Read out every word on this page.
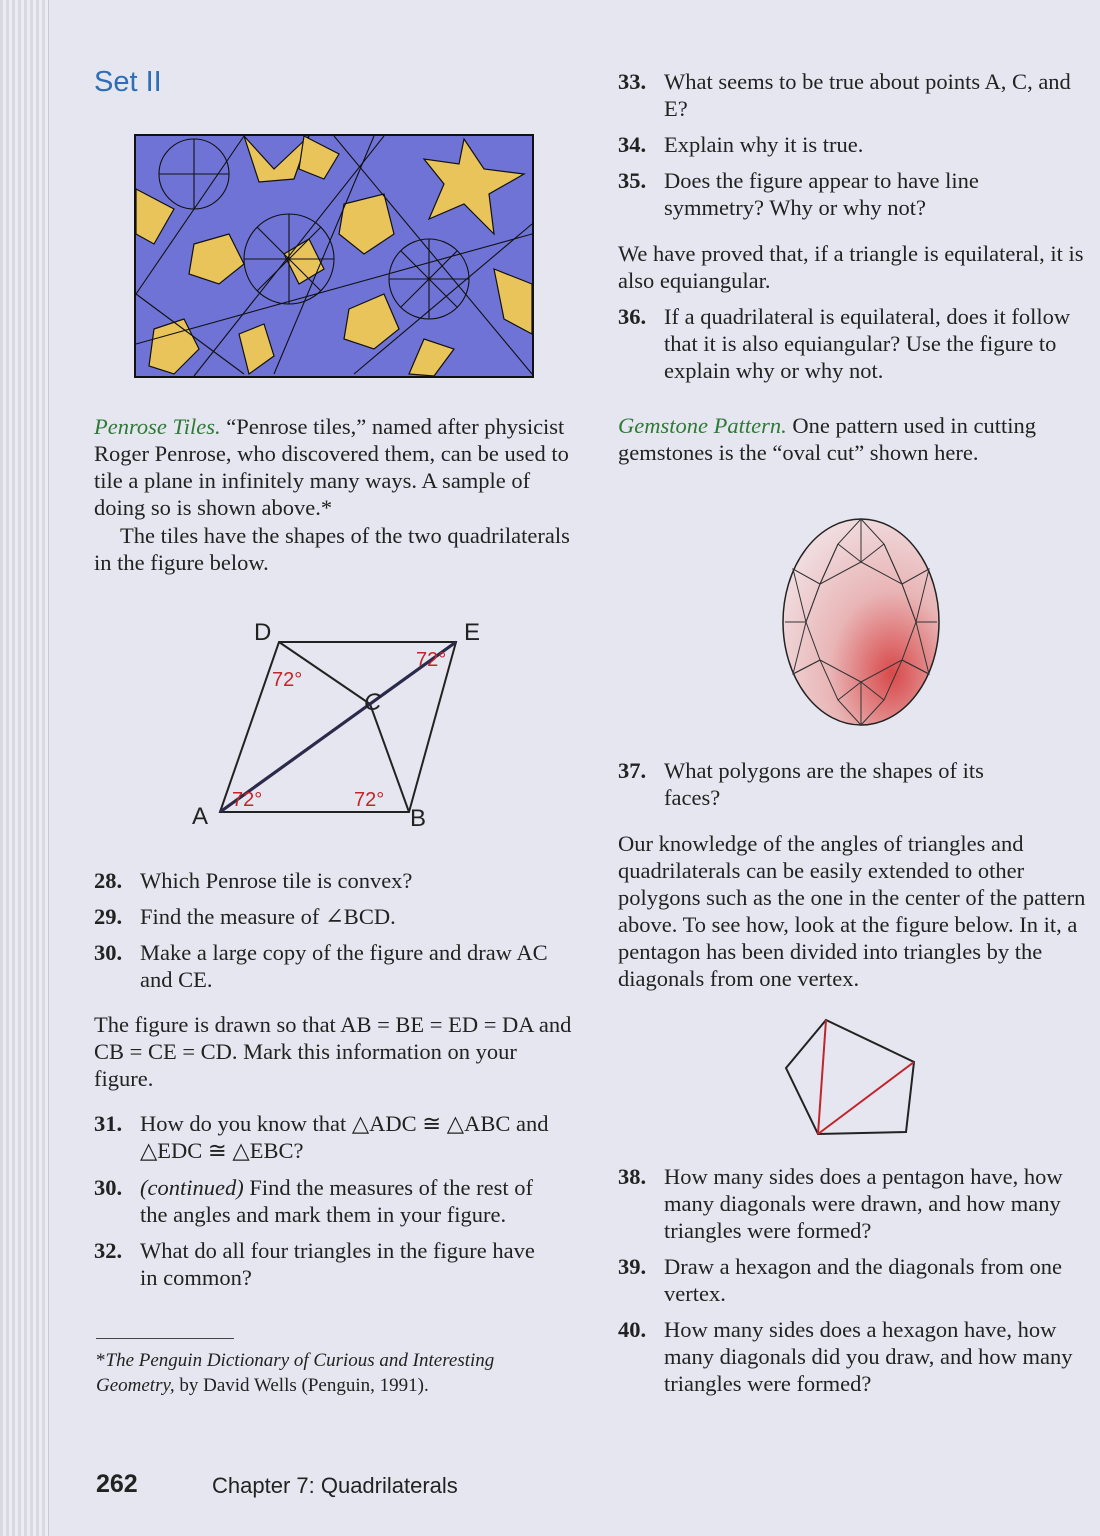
Set II
Penrose Tiles. “Penrose tiles,” named after physicist Roger Penrose, who discovered them, can be used to tile a plane in infinitely many ways. A sample of doing so is shown above.*
The tiles have the shapes of the two quadrilaterals in the figure below.
D	E
A	B
C
72°
72°
72°	72°
28. Which Penrose tile is convex?
29. Find the measure of ∠BCD.
30. Make a large copy of the figure and draw AC and CE.
The figure is drawn so that AB = BE = ED = DA and CB = CE = CD. Mark this information on your figure.
31. How do you know that △ADC ≅ △ABC and △EDC ≅ △EBC?
30. (continued) Find the measures of the rest of the angles and mark them in your figure.
32. What do all four triangles in the figure have in common?
*The Penguin Dictionary of Curious and Interesting Geometry, by David Wells (Penguin, 1991).
33. What seems to be true about points A, C, and E?
34. Explain why it is true.
35. Does the figure appear to have line symmetry? Why or why not?
We have proved that, if a triangle is equilateral, it is also equiangular.
36. If a quadrilateral is equilateral, does it follow that it is also equiangular? Use the figure to explain why or why not.
Gemstone Pattern. One pattern used in cutting gemstones is the “oval cut” shown here.
37. What polygons are the shapes of its faces?
Our knowledge of the angles of triangles and quadrilaterals can be easily extended to other polygons such as the one in the center of the pattern above. To see how, look at the figure below. In it, a pentagon has been divided into triangles by the diagonals from one vertex.
38. How many sides does a pentagon have, how many diagonals were drawn, and how many triangles were formed?
39. Draw a hexagon and the diagonals from one vertex.
40. How many sides does a hexagon have, how many diagonals did you draw, and how many triangles were formed?
262	Chapter 7: Quadrilaterals
